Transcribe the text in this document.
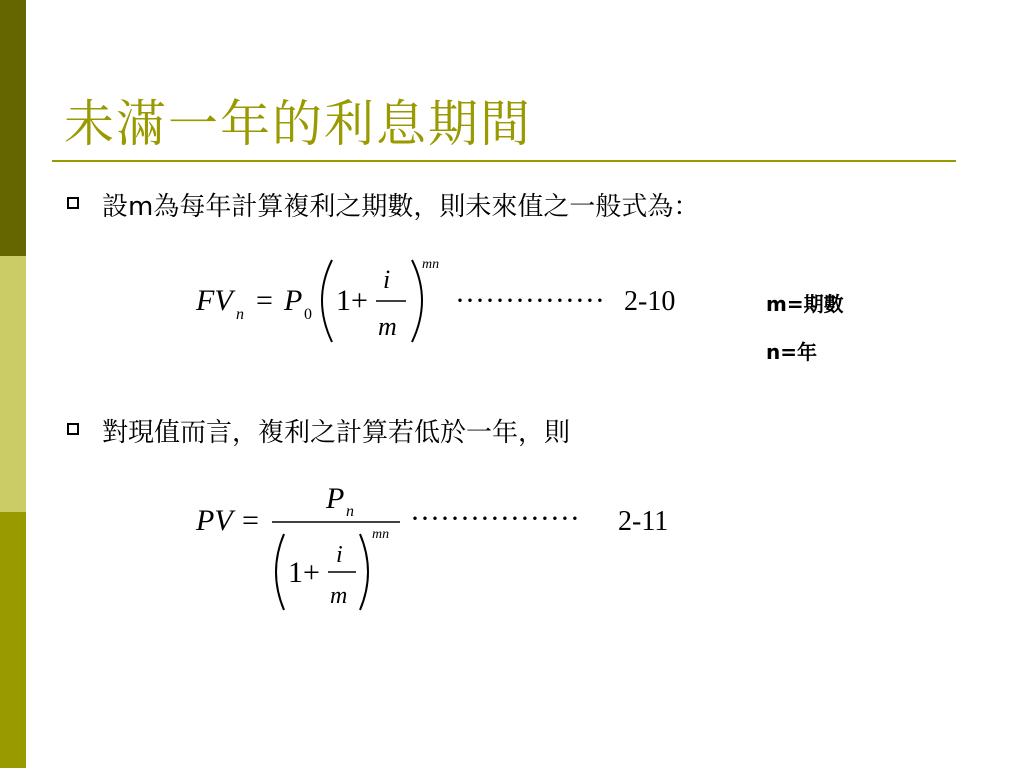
未滿一年的利息期間
設m為每年計算複利之期數，則未來值之一般式為：
FV n = P 0 1+
i
m
mn
··············· 2-10	m=期數
n=年
對現值而言，複利之計算若低於一年，則
PV =
P n
1+
i
m
mn ················· 2-11
